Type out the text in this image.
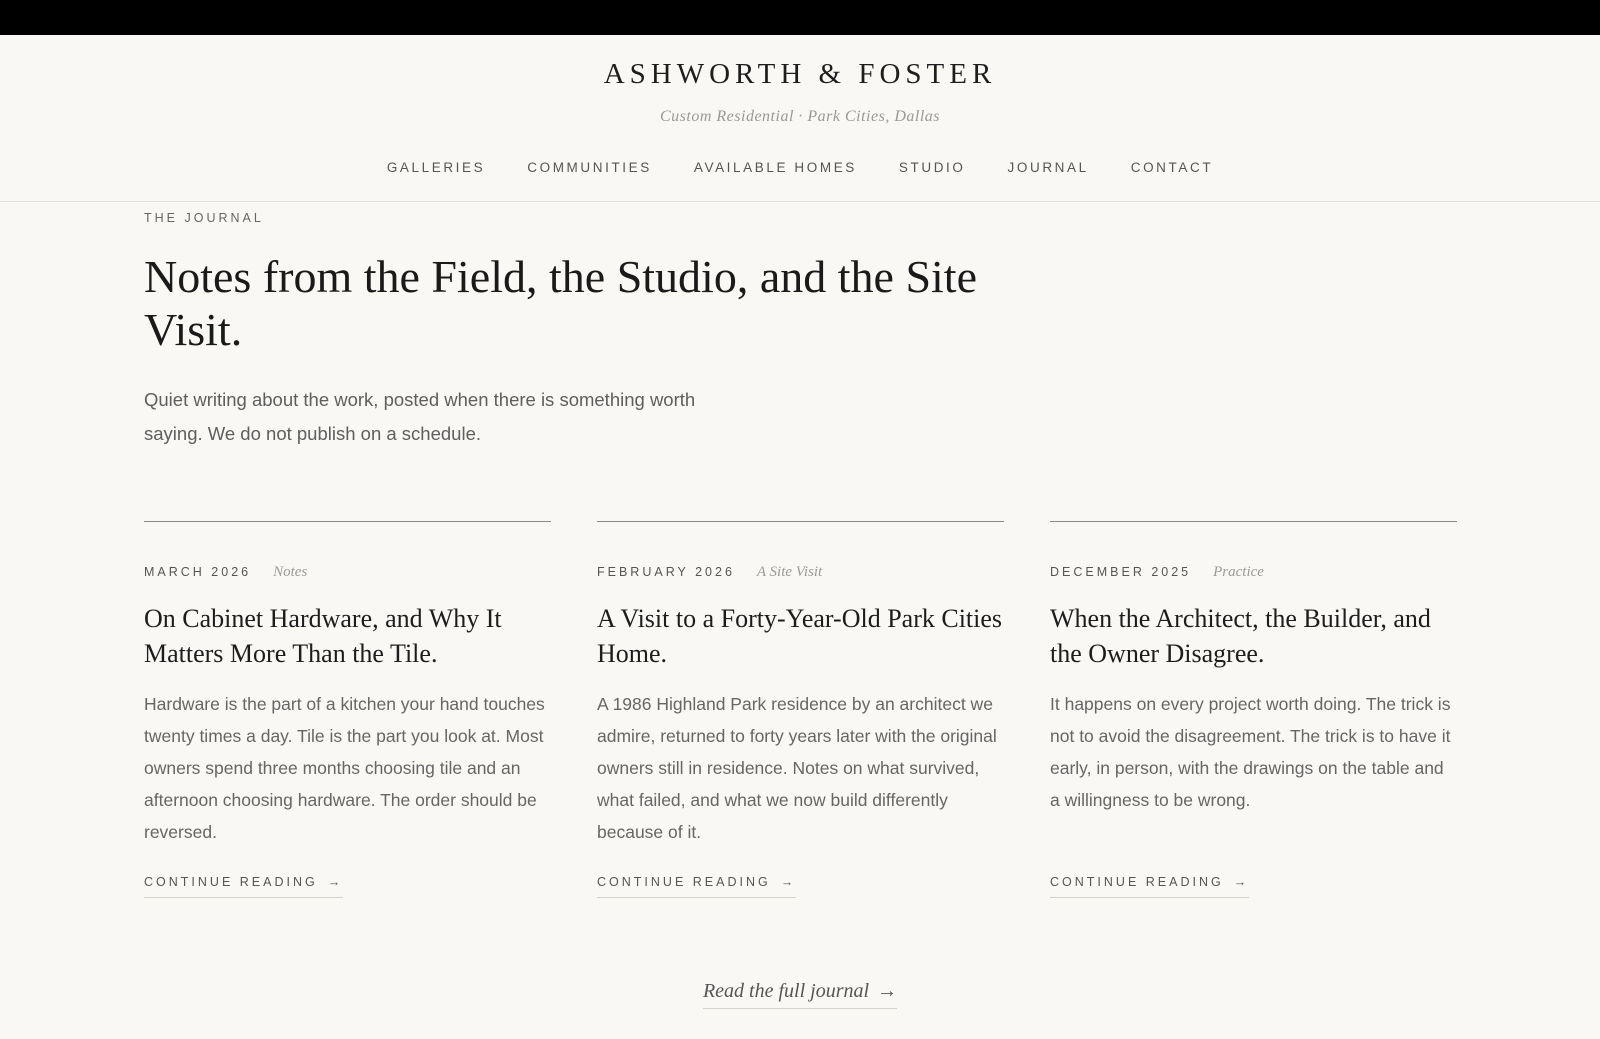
ASHWORTH & FOSTER
Custom Residential · Park Cities, Dallas
GALLERIES	COMMUNITIES	AVAILABLE HOMES	STUDIO	JOURNAL	CONTACT
THE JOURNAL
Notes from the Field, the Studio, and the Site Visit.

Quiet writing about the work, posted when there is something worth saying. We do not publish on a schedule.

MARCH 2026 Notes
On Cabinet Hardware, and Why It Matters More Than the Tile.

Hardware is the part of a kitchen your hand touches twenty times a day. Tile is the part you look at. Most owners spend three months choosing tile and an afternoon choosing hardware. The order should be reversed.

CONTINUE READING →
FEBRUARY 2026 A Site Visit
A Visit to a Forty-Year-Old Park Cities Home.

A 1986 Highland Park residence by an architect we admire, returned to forty years later with the original owners still in residence. Notes on what survived, what failed, and what we now build differently because of it.

CONTINUE READING →
DECEMBER 2025 Practice
When the Architect, the Builder, and the Owner Disagree.

It happens on every project worth doing. The trick is not to avoid the disagreement. The trick is to have it early, in person, with the drawings on the table and a willingness to be wrong.

CONTINUE READING →
Read the full journal →
